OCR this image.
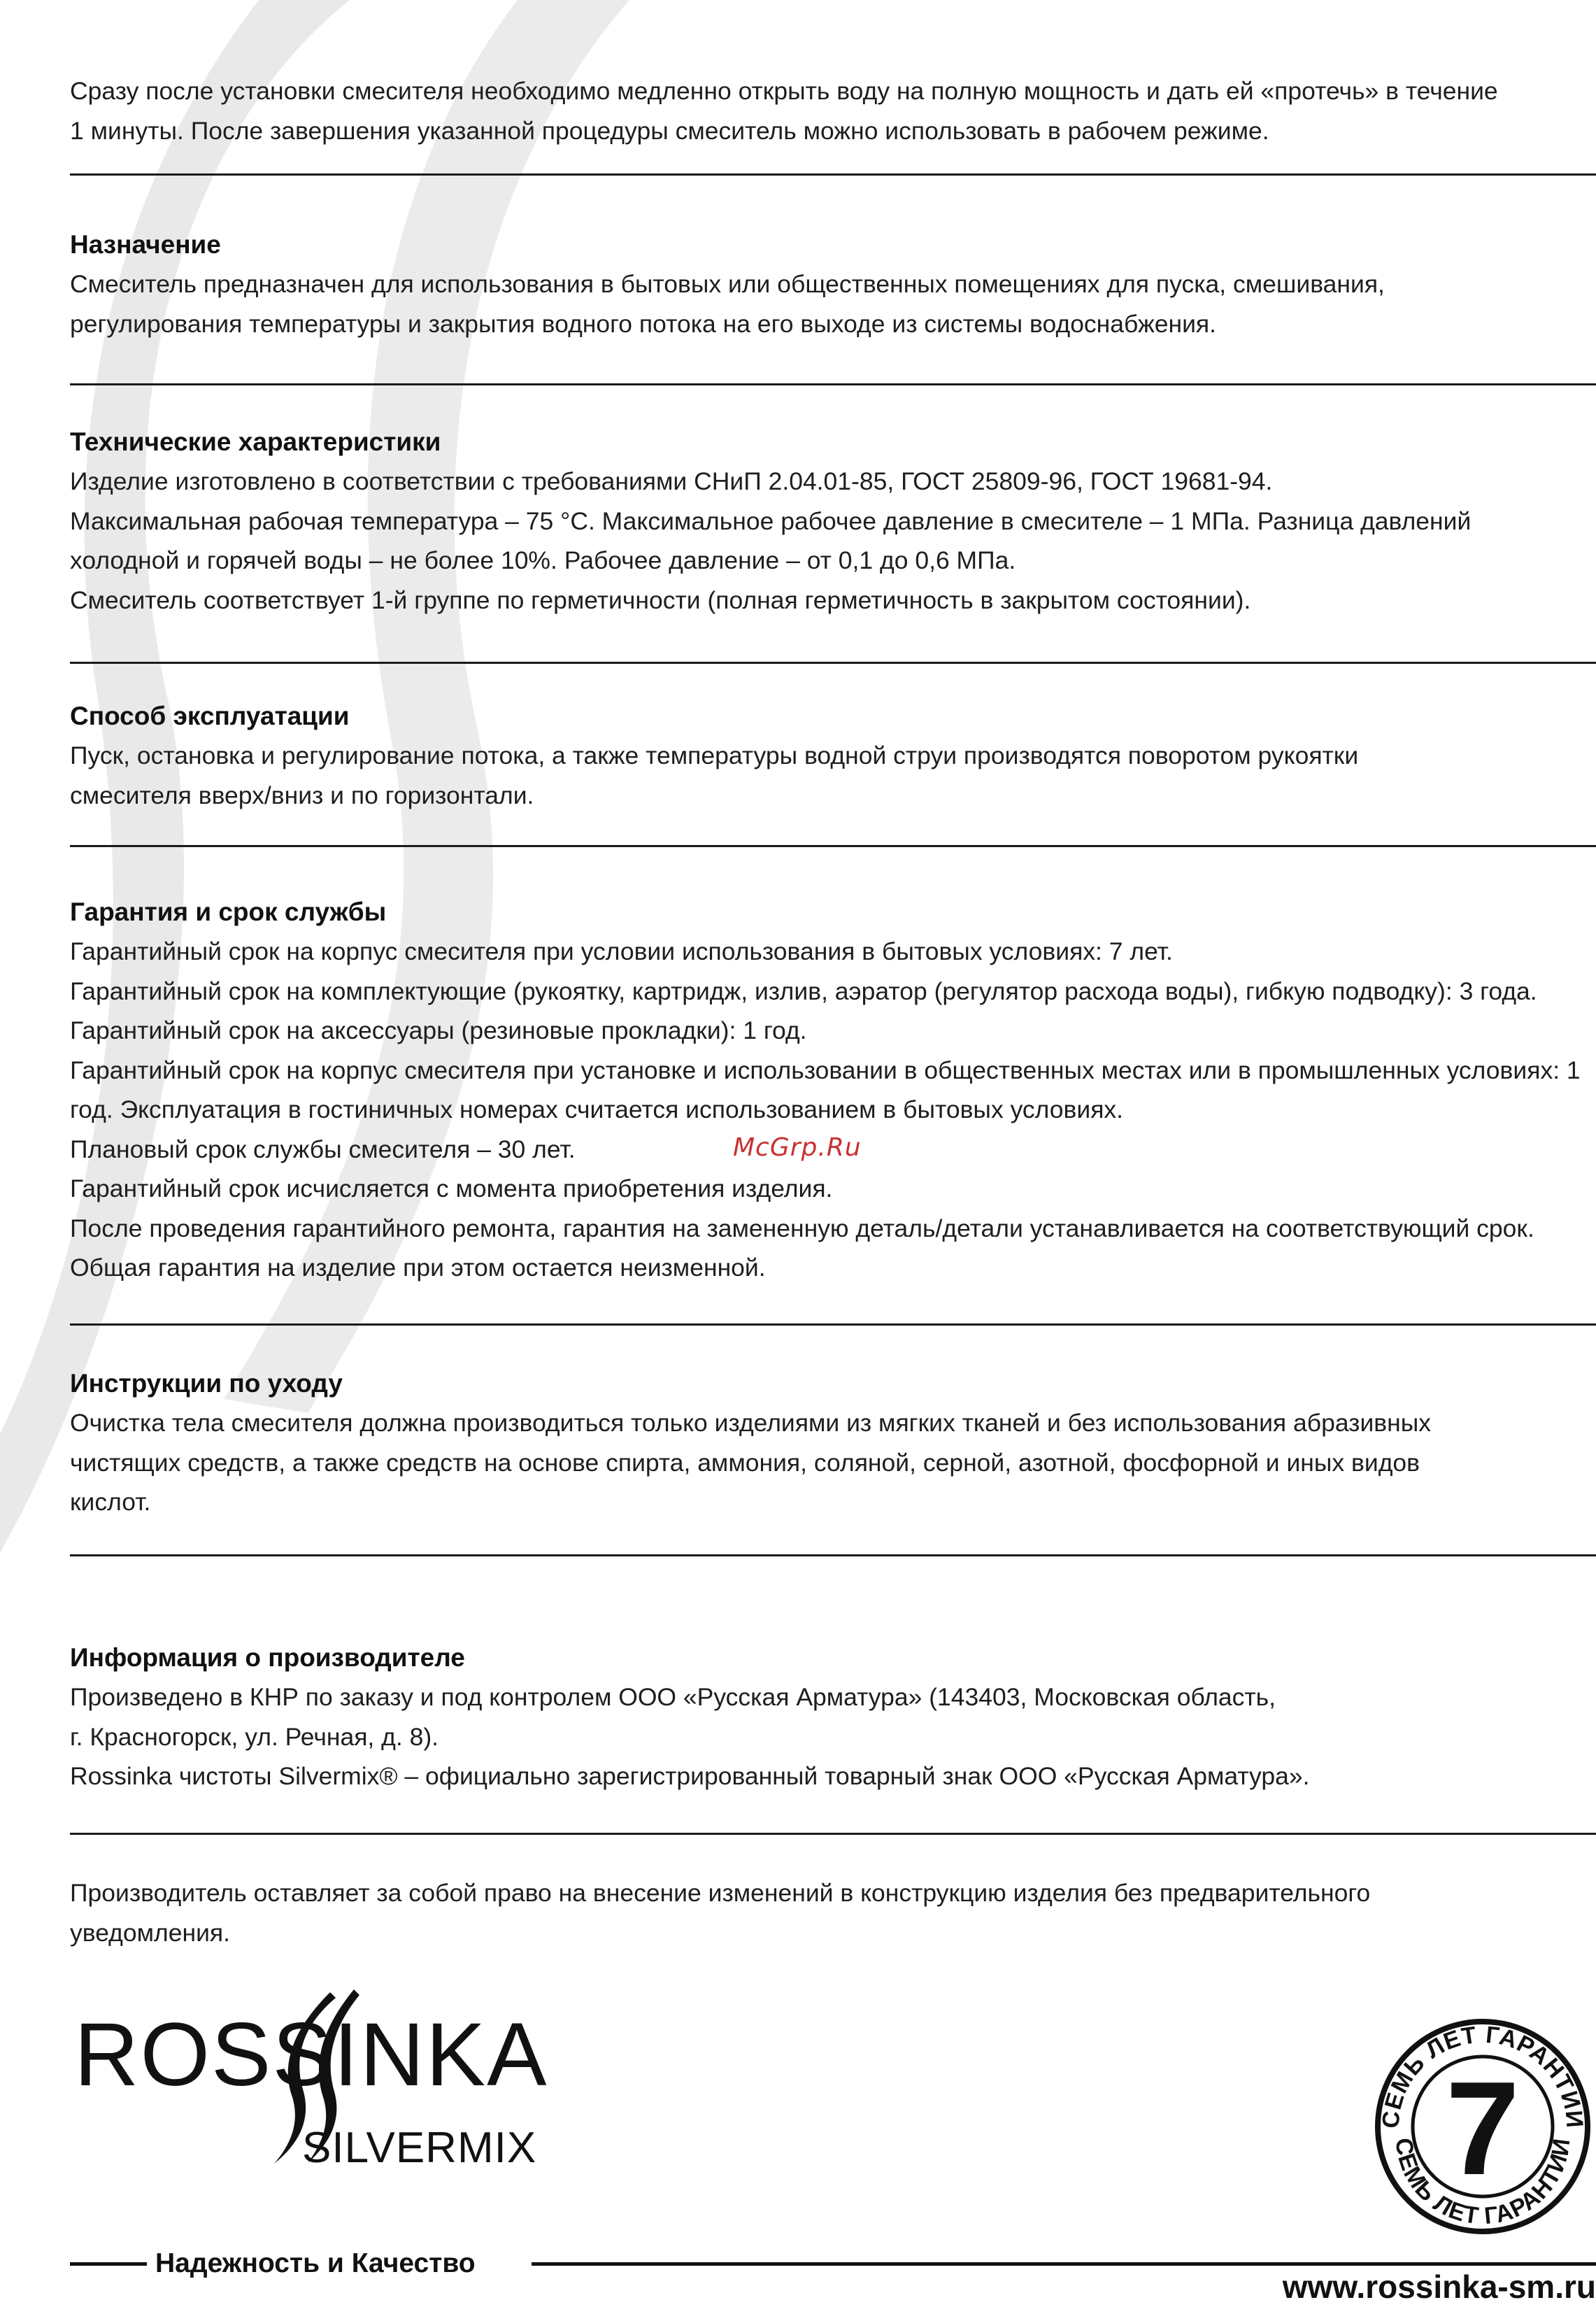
Сразу после установки смесителя необходимо медленно открыть воду на полную мощность и дать ей «протечь» в течение

1 минуты. После завершения указанной процедуры смеситель можно использовать в рабочем режиме.

Назначение

Смеситель предназначен для использования в бытовых или общественных помещениях для пуска, смешивания,

регулирования температуры и закрытия водного потока на его выходе из системы водоснабжения.

Технические характеристики

Изделие изготовлено в соответствии с требованиями СНиП 2.04.01-85, ГОСТ 25809-96, ГОСТ 19681-94.

Максимальная рабочая температура – 75 °С. Максимальное рабочее давление в смесителе – 1 МПа. Разница давлений

холодной и горячей воды – не более 10%. Рабочее давление – от 0,1 до 0,6 МПа.

Смеситель соответствует 1-й группе по герметичности (полная герметичность в закрытом состоянии).

Способ эксплуатации

Пуск, остановка и регулирование потока, а также температуры водной струи производятся поворотом рукоятки

смесителя вверх/вниз и по горизонтали.

Гарантия и срок службы

Гарантийный срок на корпус смесителя при условии использования в бытовых условиях: 7 лет.

Гарантийный срок на комплектующие (рукоятку, картридж, излив, аэратор (регулятор расхода воды), гибкую подводку): 3 года.

Гарантийный срок на аксессуары (резиновые прокладки): 1 год.

Гарантийный срок на корпус смесителя при установке и использовании в общественных местах или в промышленных условиях: 1

год. Эксплуатация в гостиничных номерах считается использованием в бытовых условиях.

Плановый срок службы смесителя – 30 лет.

Гарантийный срок исчисляется с момента приобретения изделия.

После проведения гарантийного ремонта, гарантия на замененную деталь/детали устанавливается на соответствующий срок.

Общая гарантия на изделие при этом остается неизменной.

McGrp.Ru
Инструкции по уходу

Очистка тела смесителя должна производиться только изделиями из мягких тканей и без использования абразивных

чистящих средств, а также средств на основе спирта, аммония, соляной, серной, азотной, фосфорной и иных видов

кислот.

Информация о производителе

Произведено в КНР по заказу и под контролем ООО «Русская Арматура» (143403, Московская область,

г. Красногорск, ул. Речная, д. 8).

Rossinka чистоты Silvermix® – официально зарегистрированный товарный знак ООО «Русская Арматура».

Производитель оставляет за собой право на внесение изменений в конструкцию изделия без предварительного

уведомления.

ROSSINKA
SILVERMIX
Надежность и Качество
www.rossinka-sm.ru
СЕМЬ ЛЕТ ГАРАНТИИ
СЕМЬ ЛЕТ ГАРАНТИИ
7
